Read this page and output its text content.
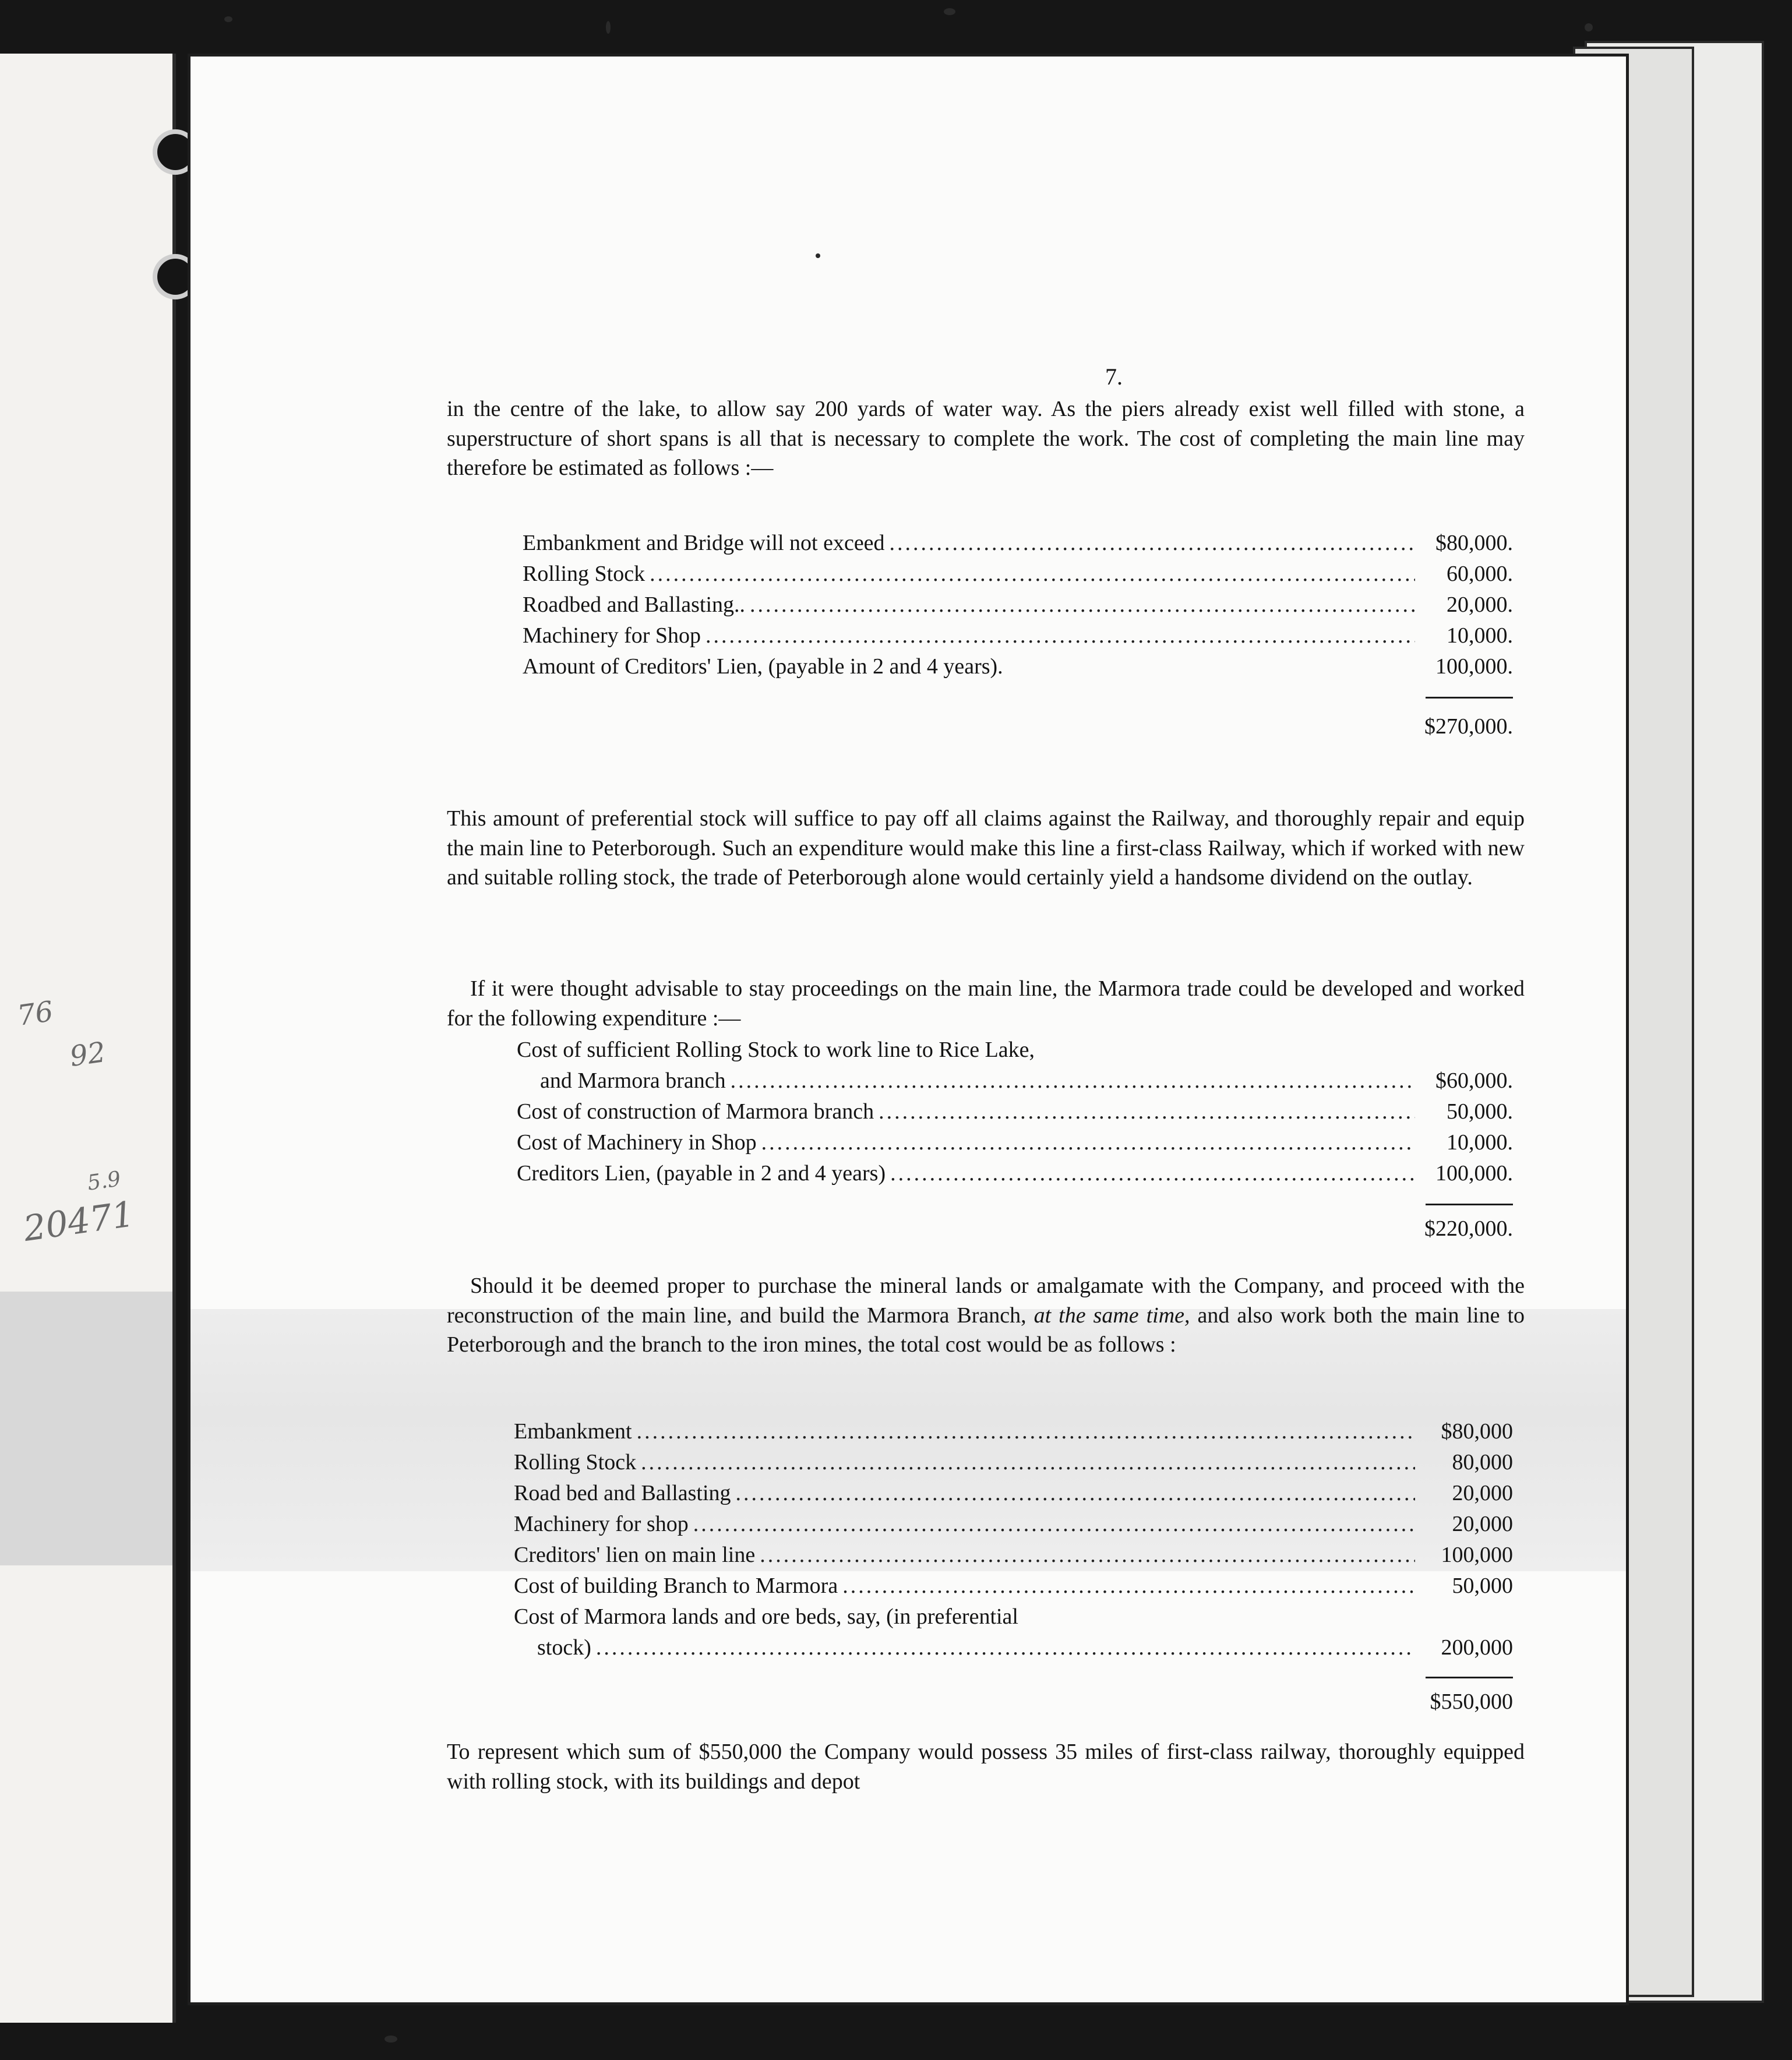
76
92
5.9
20471
7.

in the centre of the lake, to allow say 200 yards of water way. As the piers already exist well filled with stone, a superstructure of short spans is all that is necessary to complete the work. The cost of completing the main line may therefore be estimated as follows :—

Embankment and Bridge will not exceed .....	$80,000.
Rolling Stock .....	60,000.
Roadbed and Ballasting.. .....	20,000.
Machinery for Shop .....	10,000.
Amount of Creditors' Lien, (payable in 2 and 4 years).	100,000.
$270,000.

This amount of preferential stock will suffice to pay off all claims against the Railway, and thoroughly repair and equip the main line to Peterborough. Such an expenditure would make this line a first-class Railway, which if worked with new and suitable rolling stock, the trade of Peterborough alone would certainly yield a handsome dividend on the outlay.

If it were thought advisable to stay proceedings on the main line, the Marmora trade could be developed and worked for the following expenditure :—

Cost of sufficient Rolling Stock to work line to Rice Lake,
and Marmora branch .....	$60,000.
Cost of construction of Marmora branch .....	50,000.
Cost of Machinery in Shop .....	10,000.
Creditors Lien, (payable in 2 and 4 years) .....	100,000.
$220,000.

Should it be deemed proper to purchase the mineral lands or amalgamate with the Company, and proceed with the reconstruction of the main line, and build the Marmora Branch, at the same time, and also work both the main line to Peterborough and the branch to the iron mines, the total cost would be as follows :

Embankment .....	$80,000
Rolling Stock .....	80,000
Road bed and Ballasting .....	20,000
Machinery for shop .....	20,000
Creditors' lien on main line .....	100,000
Cost of building Branch to Marmora .....	50,000
Cost of Marmora lands and ore beds, say, (in preferential
stock) .....	200,000
$550,000

To represent which sum of $550,000 the Company would possess 35 miles of first-class railway, thoroughly equipped with rolling stock, with its buildings and depot
